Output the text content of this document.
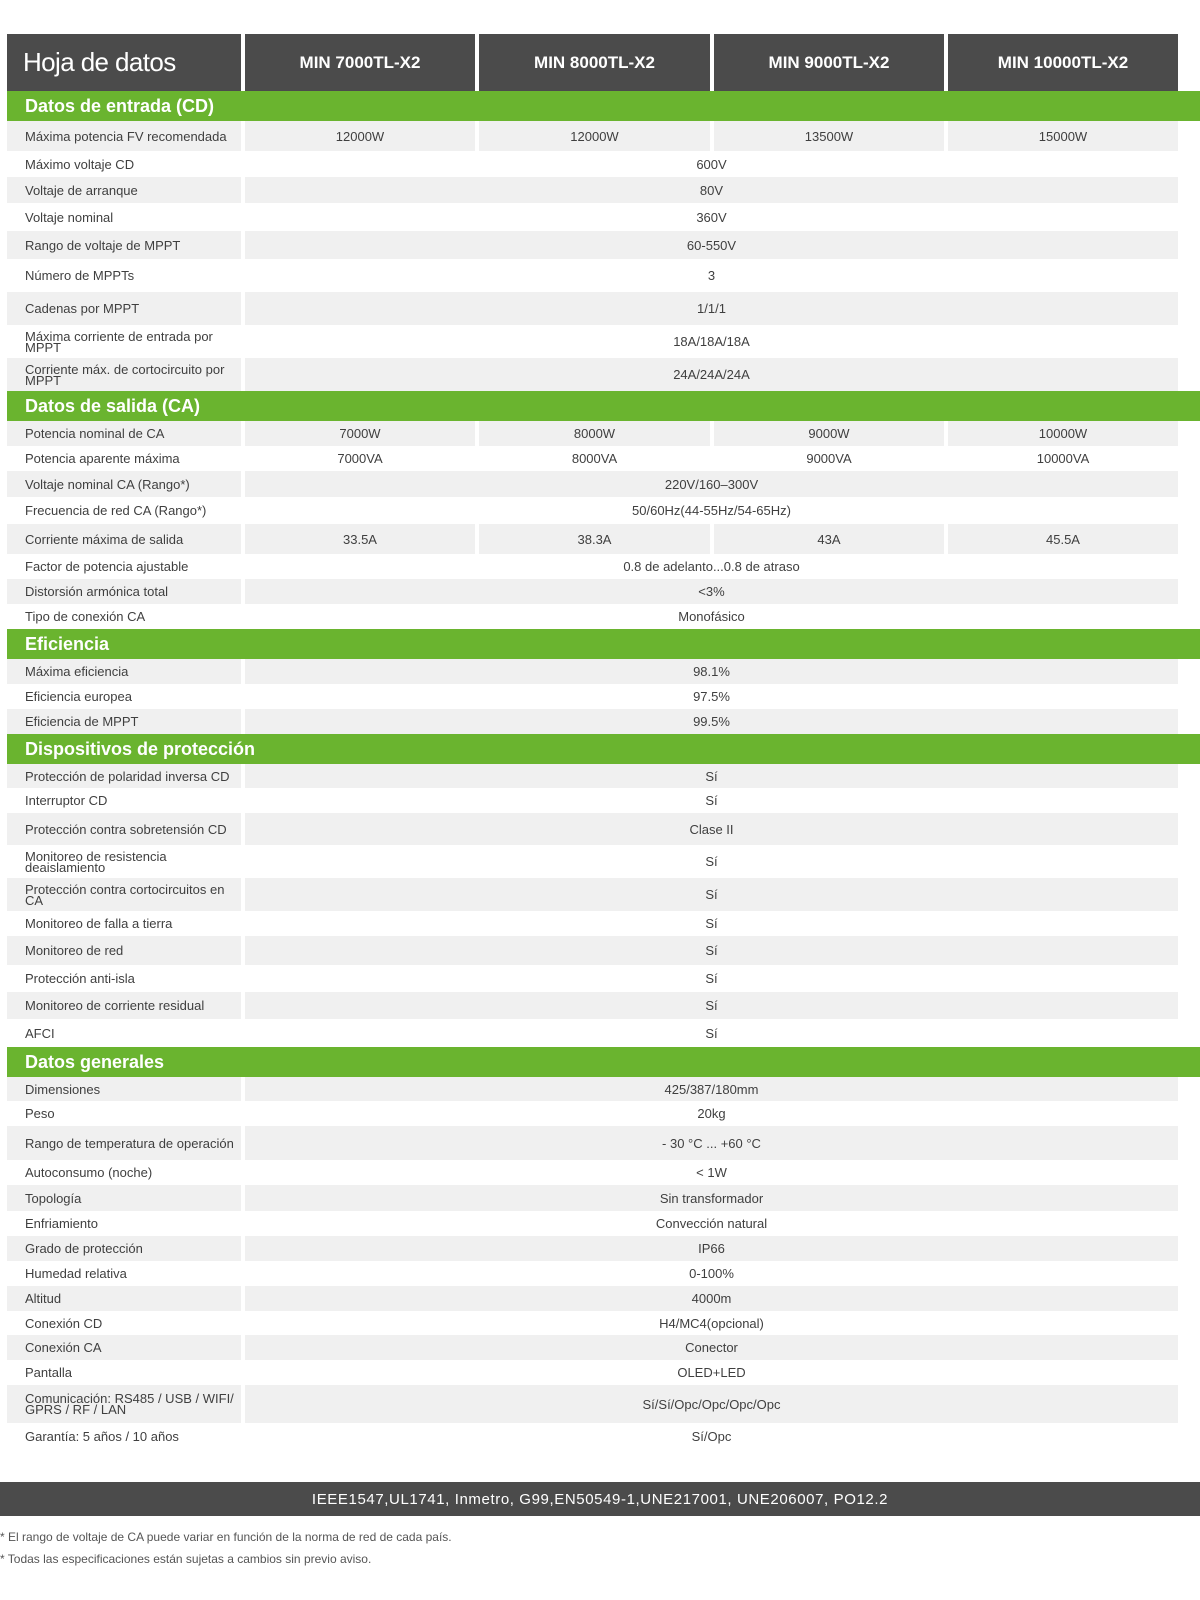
Hoja de datos	MIN 7000TL-X2	MIN 8000TL-X2	MIN 9000TL-X2	MIN 10000TL-X2
Datos de entrada (CD)
Máxima potencia FV recomendada	12000W	12000W	13500W	15000W
Máximo voltaje CD	600V
Voltaje de arranque	80V
Voltaje nominal	360V
Rango de voltaje de MPPT	60-550V
Número de MPPTs	3
Cadenas por MPPT	1/1/1
Máxima corriente de entrada por MPPT	18A/18A/18A
Corriente máx. de cortocircuito por MPPT	24A/24A/24A
Datos de salida (CA)
Potencia nominal de CA	7000W	8000W	9000W	10000W
Potencia aparente máxima	7000VA	8000VA	9000VA	10000VA
Voltaje nominal CA (Rango*)	220V/160–300V
Frecuencia de red CA (Rango*)	50/60Hz(44-55Hz/54-65Hz)
Corriente máxima de salida	33.5A	38.3A	43A	45.5A
Factor de potencia ajustable	0.8 de adelanto...0.8 de atraso
Distorsión armónica total	<3%
Tipo de conexión CA	Monofásico
Eficiencia
Máxima eficiencia	98.1%
Eficiencia europea	97.5%
Eficiencia de MPPT	99.5%
Dispositivos de protección
Protección de polaridad inversa CD	Sí
Interruptor CD	Sí
Protección contra sobretensión CD	Clase II
Monitoreo de resistencia deaislamiento	Sí
Protección contra cortocircuitos en CA	Sí
Monitoreo de falla a tierra	Sí
Monitoreo de red	Sí
Protección anti-isla	Sí
Monitoreo de corriente residual	Sí
AFCI	Sí
Datos generales
Dimensiones	425/387/180mm
Peso	20kg
Rango de temperatura de operación	- 30 °C ... +60 °C
Autoconsumo (noche)	< 1W
Topología	Sin transformador
Enfriamiento	Convección natural
Grado de protección	IP66
Humedad relativa	0-100%
Altitud	4000m
Conexión CD	H4/MC4(opcional)
Conexión CA	Conector
Pantalla	OLED+LED
Comunicación: RS485 / USB / WIFI/ GPRS / RF / LAN	Sí/Sí/Opc/Opc/Opc/Opc
Garantía: 5 años / 10 años	Sí/Opc
IEEE1547,UL1741, Inmetro, G99,EN50549-1,UNE217001, UNE206007, PO12.2
* El rango de voltaje de CA puede variar en función de la norma de red de cada país.
* Todas las especificaciones están sujetas a cambios sin previo aviso.
